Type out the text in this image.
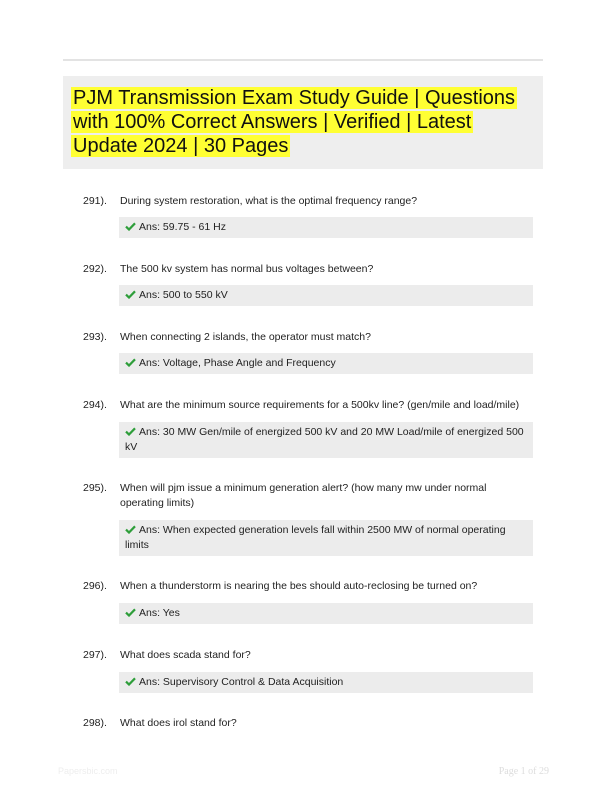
PJM Transmission Exam Study Guide | Questions with 100% Correct Answers | Verified | Latest Update 2024 | 30 Pages
291). During system restoration, what is the optimal frequency range?
Ans: 59.75 - 61 Hz
292). The 500 kv system has normal bus voltages between?
Ans: 500 to 550 kV
293). When connecting 2 islands, the operator must match?
Ans: Voltage, Phase Angle and Frequency
294). What are the minimum source requirements for a 500kv line? (gen/mile and load/mile)
Ans: 30 MW Gen/mile of energized 500 kV and 20 MW Load/mile of energized 500 kV
295). When will pjm issue a minimum generation alert? (how many mw under normal operating limits)
Ans: When expected generation levels fall within 2500 MW of normal operating limits
296). When a thunderstorm is nearing the bes should auto-reclosing be turned on?
Ans: Yes
297). What does scada stand for?
Ans: Supervisory Control & Data Acquisition
298). What does irol stand for?
Papersbic.com	Page 1 of 29
